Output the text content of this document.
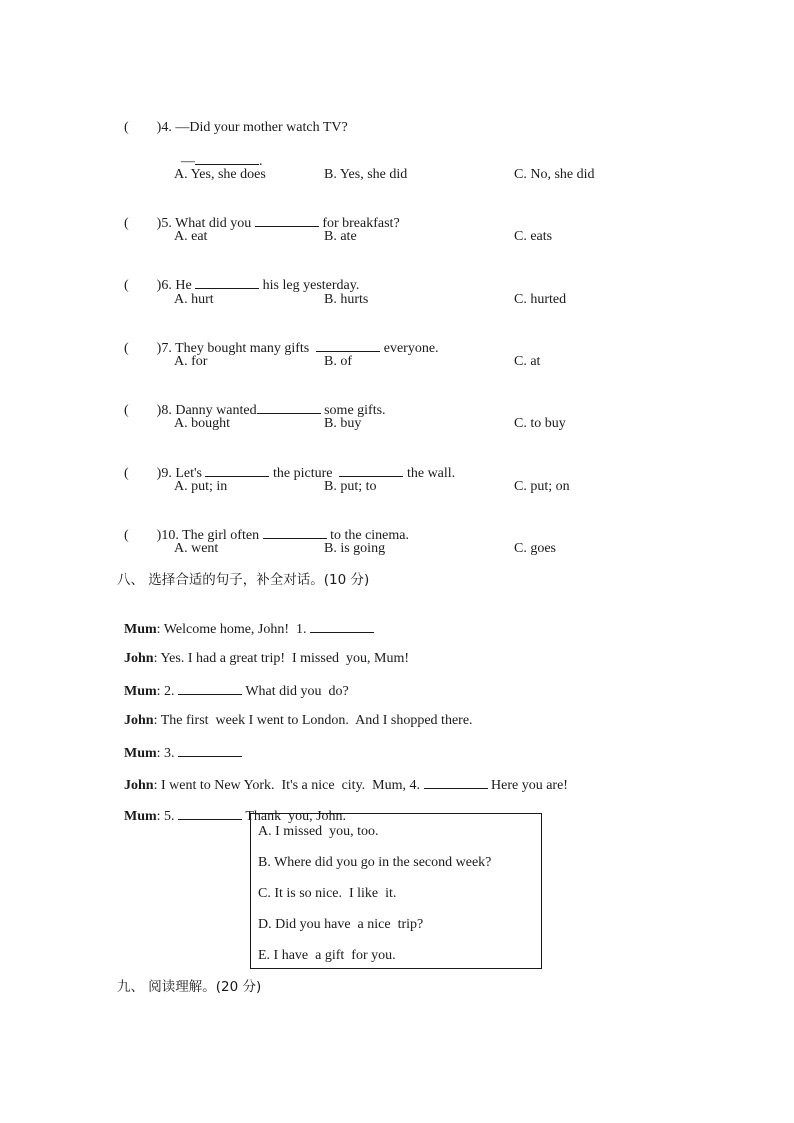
( )4. —Did your mother watch TV?

—	.

A. Yes, she does	B. Yes, she did	C. No, she did

( )5. What did you	for breakfast?

A. eat	B. ate	C. eats

( )6. He	his leg yesterday.

A. hurt	B. hurts	C. hurted

( )7. They bought many gifts	everyone.

A. for	B. of	C. at

( )8. Danny wanted	some gifts.

A. bought	B. buy	C. to buy

( )9. Let's	the picture	the wall.

A. put; in	B. put; to	C. put; on

( )10. The girl often	to the cinema.

A. went	B. is going	C. goes
八、 选择合适的句子，补全对话。(10 分)

Mum: Welcome home, John!  1.

John: Yes. I had a great trip!  I missed  you, Mum!

Mum: 2.	What did you  do?

John: The first  week I went to London.  And I shopped there.

Mum: 3.

John: I went to New York.  It's a nice  city.  Mum, 4.	Here you are!

Mum: 5.	Thank  you, John.

A. I missed  you, too.
B. Where did you go in the second week?
C. It is so nice.  I like  it.
D. Did you have  a nice  trip?
E. I have  a gift  for you.
九、 阅读理解。(20 分)
